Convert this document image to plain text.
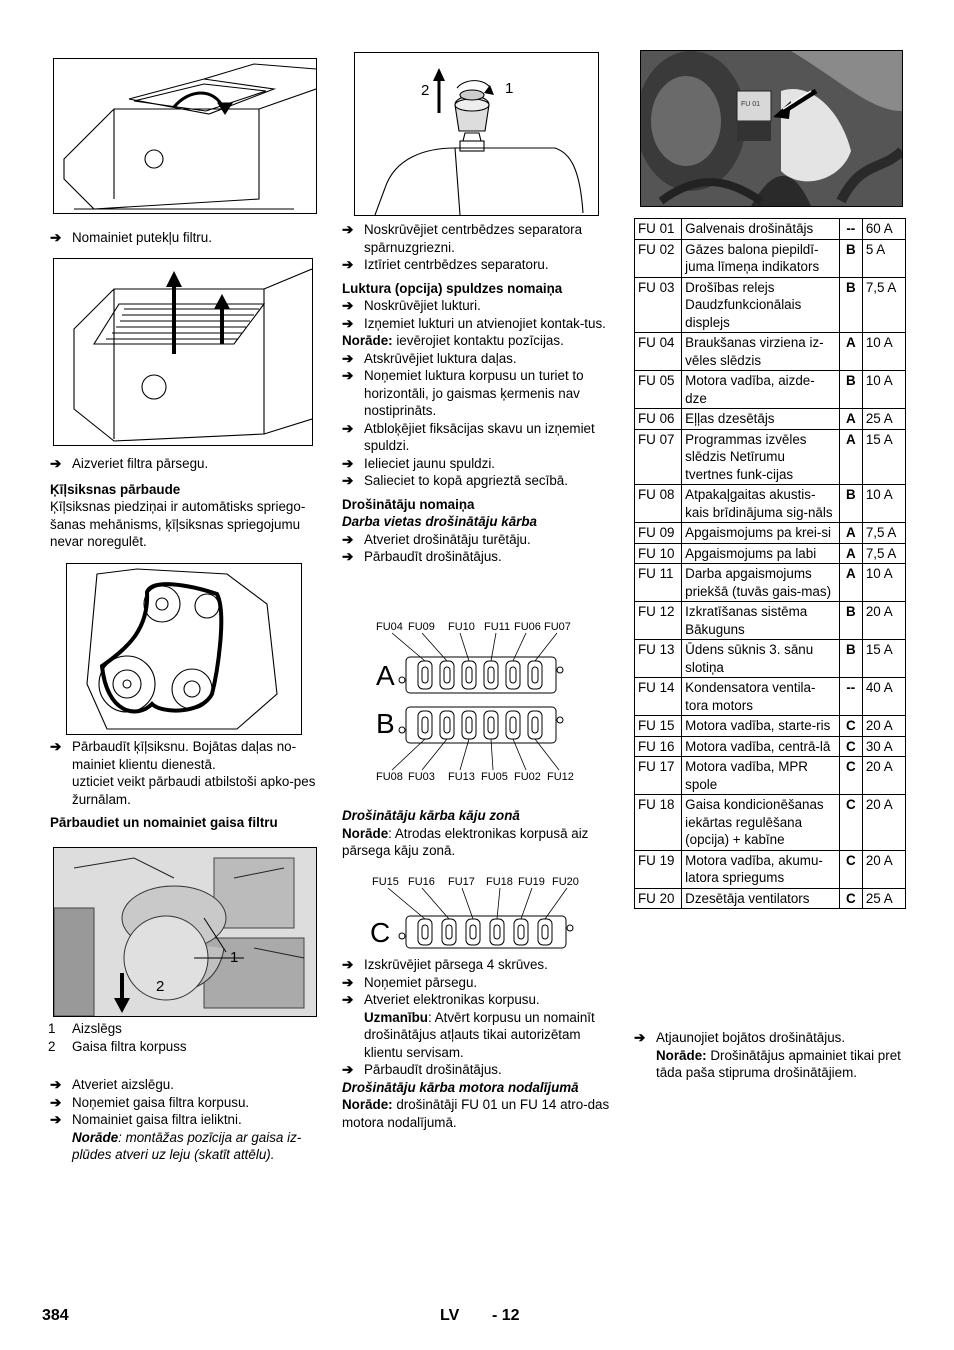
➔ Nomainiet putekļu filtru.
➔ Aizveriet filtra pārsegu.
Ķīļsiksnas pārbaude
Ķīļsiksnas piedziņai ir automātisks spriego-šanas mehānisms, ķīļsiksnas spriegojumu nevar noregulēt.
➔ Pārbaudīt ķīļsiksnu. Bojātas daļas no-mainiet klientu dienestā.
uzticiet veikt pārbaudi atbilstoši apko-pes žurnālam.
Pārbaudiet un nomainiet gaisa filtru
1
2
1	Aizslēgs
2	Gaisa filtra korpuss
➔ Atveriet aizslēgu.
➔ Noņemiet gaisa filtra korpusu.
➔ Nomainiet gaisa filtra ieliktni.
Norāde: montāžas pozīcija ar gaisa iz-plūdes atveri uz leju (skatīt attēlu).
2	1
➔ Noskrūvējiet centrbēdzes separatora spārnuzgriezni.
➔ Iztīriet centrbēdzes separatoru.
Luktura (opcija) spuldzes nomaiņa
➔ Noskrūvējiet lukturi.
➔ Izņemiet lukturi un atvienojiet kontak-tus.
Norāde: ievērojiet kontaktu pozīcijas.
➔ Atskrūvējiet luktura daļas.
➔ Noņemiet luktura korpusu un turiet to horizontāli, jo gaismas ķermenis nav nostiprināts.
➔ Atbloķējiet fiksācijas skavu un izņemiet spuldzi.
➔ Ielieciet jaunu spuldzi.
➔ Salieciet to kopā apgrieztā secībā.
Drošinātāju nomaiņa
Darba vietas drošinātāju kārba
➔ Atveriet drošinātāju turētāju.
➔ Pārbaudīt drošinātājus.
FU04 FU09 FU10 FU11 FU06 FU07
FU08 FU03 FU13 FU05 FU02 FU12
A
B
Drošinātāju kārba kāju zonā
Norāde: Atrodas elektronikas korpusā aiz pārsega kāju zonā.
FU15 FU16 FU17 FU18 FU19 FU20
C
➔ Izskrūvējiet pārsega 4 skrūves.
➔ Noņemiet pārsegu.
➔ Atveriet elektronikas korpusu.
Uzmanību: Atvērt korpusu un nomainīt drošinātājus atļauts tikai autorizētam klientu servisam.
➔ Pārbaudīt drošinātājus.
Drošinātāju kārba motora nodalījumā
Norāde: drošinātāji FU 01 un FU 14 atro-das motora nodalījumā.
FU 01
FU 01	Galvenais drošinātājs	--	60 A
FU 02	Gāzes balona piepildī-juma līmeņa indikators	B	5 A
FU 03	Drošības relejs Daudzfunkcionālais displejs	B	7,5 A
FU 04	Braukšanas virziena iz-vēles slēdzis	A	10 A
FU 05	Motora vadība, aizde-dze	B	10 A
FU 06	Eļļas dzesētājs	A	25 A
FU 07	Programmas izvēles slēdzis Netīrumu tvertnes funk-cijas	A	15 A
FU 08	Atpakaļgaitas akustis-kais brīdinājuma sig-nāls	B	10 A
FU 09	Apgaismojums pa krei-si	A	7,5 A
FU 10	Apgaismojums pa labi	A	7,5 A
FU 11	Darba apgaismojums priekšā (tuvās gais-mas)	A	10 A
FU 12	Izkratīšanas sistēma Bākuguns	B	20 A
FU 13	Ūdens sūknis 3. sānu slotiņa	B	15 A
FU 14	Kondensatora ventila-tora motors	--	40 A
FU 15	Motora vadība, starte-ris	C	20 A
FU 16	Motora vadība, centrā-lā	C	30 A
FU 17	Motora vadība, MPR spole	C	20 A
FU 18	Gaisa kondicionēšanas iekārtas regulēšana (opcija) + kabīne	C	20 A
FU 19	Motora vadība, akumu-latora spriegums	C	20 A
FU 20	Dzesētāja ventilators	C	25 A
➔ Atjaunojiet bojātos drošinātājus.
Norāde: Drošinātājus apmainiet tikai pret tāda paša stipruma drošinātājiem.
384	LV - 12
